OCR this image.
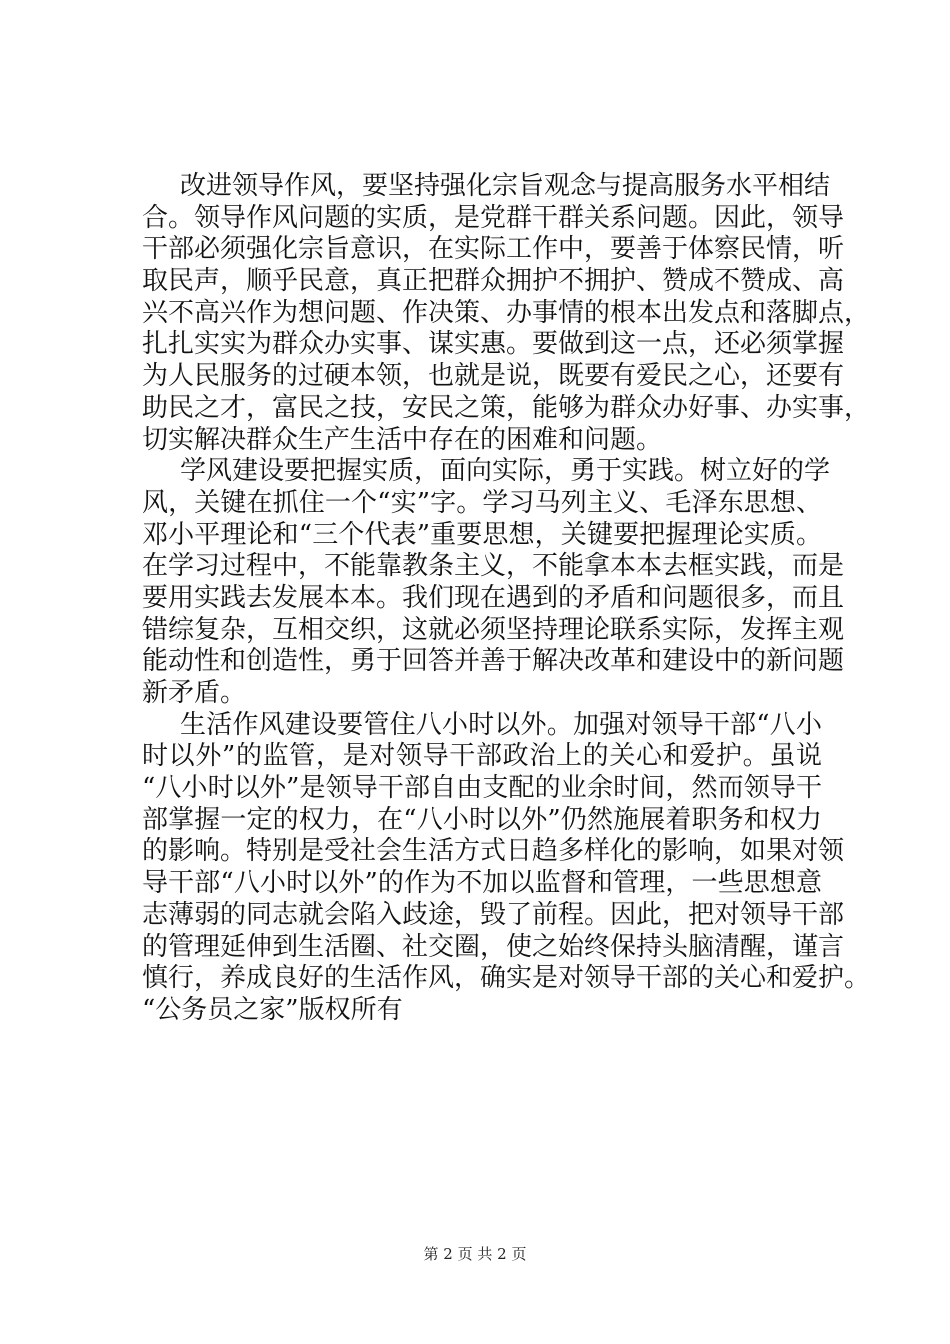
改进领导作风，要坚持强化宗旨观念与提高服务水平相结
合。领导作风问题的实质，是党群干群关系问题。因此，领导
干部必须强化宗旨意识，在实际工作中，要善于体察民情，听
取民声，顺乎民意，真正把群众拥护不拥护、赞成不赞成、高
兴不高兴作为想问题、作决策、办事情的根本出发点和落脚点，
扎扎实实为群众办实事、谋实惠。要做到这一点，还必须掌握
为人民服务的过硬本领，也就是说，既要有爱民之心，还要有
助民之才，富民之技，安民之策，能够为群众办好事、办实事，
切实解决群众生产生活中存在的困难和问题。
学风建设要把握实质，面向实际，勇于实践。树立好的学
风，关键在抓住一个“实”字。学习马列主义、毛泽东思想、
邓小平理论和“三个代表”重要思想，关键要把握理论实质。
在学习过程中，不能靠教条主义，不能拿本本去框实践，而是
要用实践去发展本本。我们现在遇到的矛盾和问题很多，而且
错综复杂，互相交织，这就必须坚持理论联系实际，发挥主观
能动性和创造性，勇于回答并善于解决改革和建设中的新问题
新矛盾。
生活作风建设要管住八小时以外。加强对领导干部“八小
时以外”的监管，是对领导干部政治上的关心和爱护。虽说
“八小时以外”是领导干部自由支配的业余时间，然而领导干
部掌握一定的权力，在“八小时以外”仍然施展着职务和权力
的影响。特别是受社会生活方式日趋多样化的影响，如果对领
导干部“八小时以外”的作为不加以监督和管理，一些思想意
志薄弱的同志就会陷入歧途，毁了前程。因此，把对领导干部
的管理延伸到生活圈、社交圈，使之始终保持头脑清醒，谨言
慎行，养成良好的生活作风，确实是对领导干部的关心和爱护。
“公务员之家”版权所有
第 2 页 共 2 页
